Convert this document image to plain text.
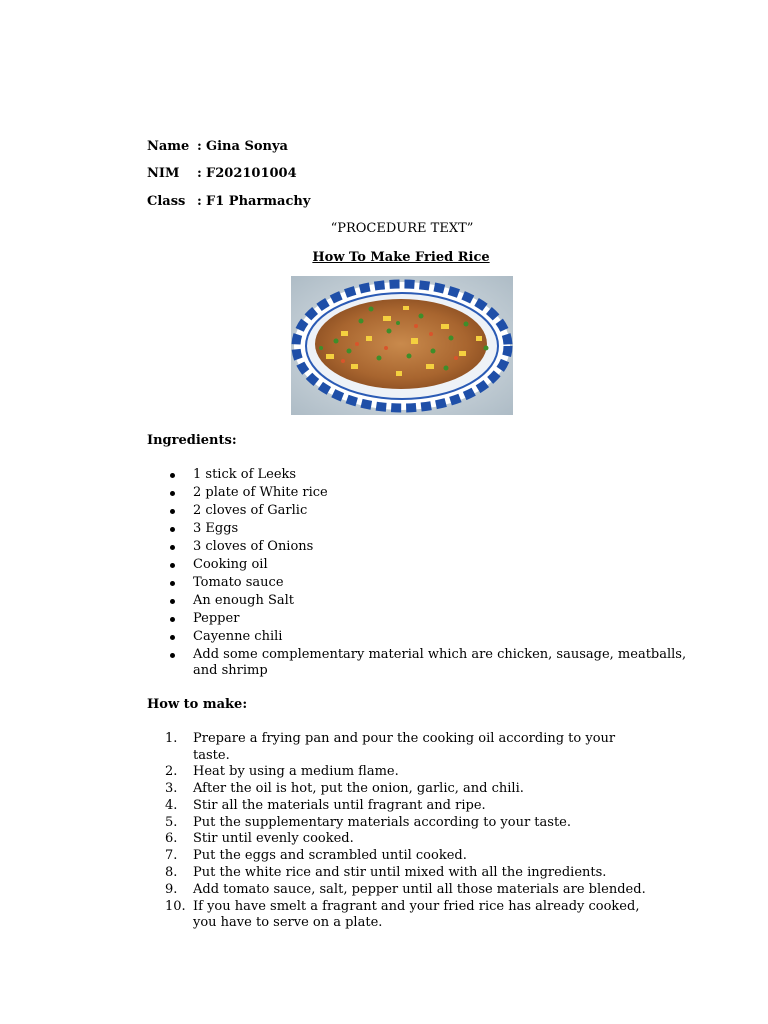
Name : Gina Sonya
NIM : F202101004
Class : F1 Pharmachy
“PROCEDURE TEXT”
How To Make Fried Rice
Ingredients:
1 stick of Leeks
2 plate of White rice
2 cloves of Garlic
3 Eggs
3 cloves of Onions
Cooking oil
Tomato sauce
An enough Salt
Pepper
Cayenne chili
Add some complementary material which are chicken, sausage, meatballs, and shrimp
How to make:
1.	Prepare a frying pan and pour the cooking oil according to your taste.
2.	Heat by using a medium flame.
3.	After the oil is hot, put the onion, garlic, and chili.
4.	Stir all the materials until fragrant and ripe.
5.	Put the supplementary materials according to your taste.
6.	Stir until evenly cooked.
7.	Put the eggs and scrambled until cooked.
8.	Put the white rice and stir until mixed with all the ingredients.
9.	Add tomato sauce, salt, pepper until all those materials are blended.
10. If you have smelt a fragrant and your fried rice has already cooked, you have to serve on a plate.
